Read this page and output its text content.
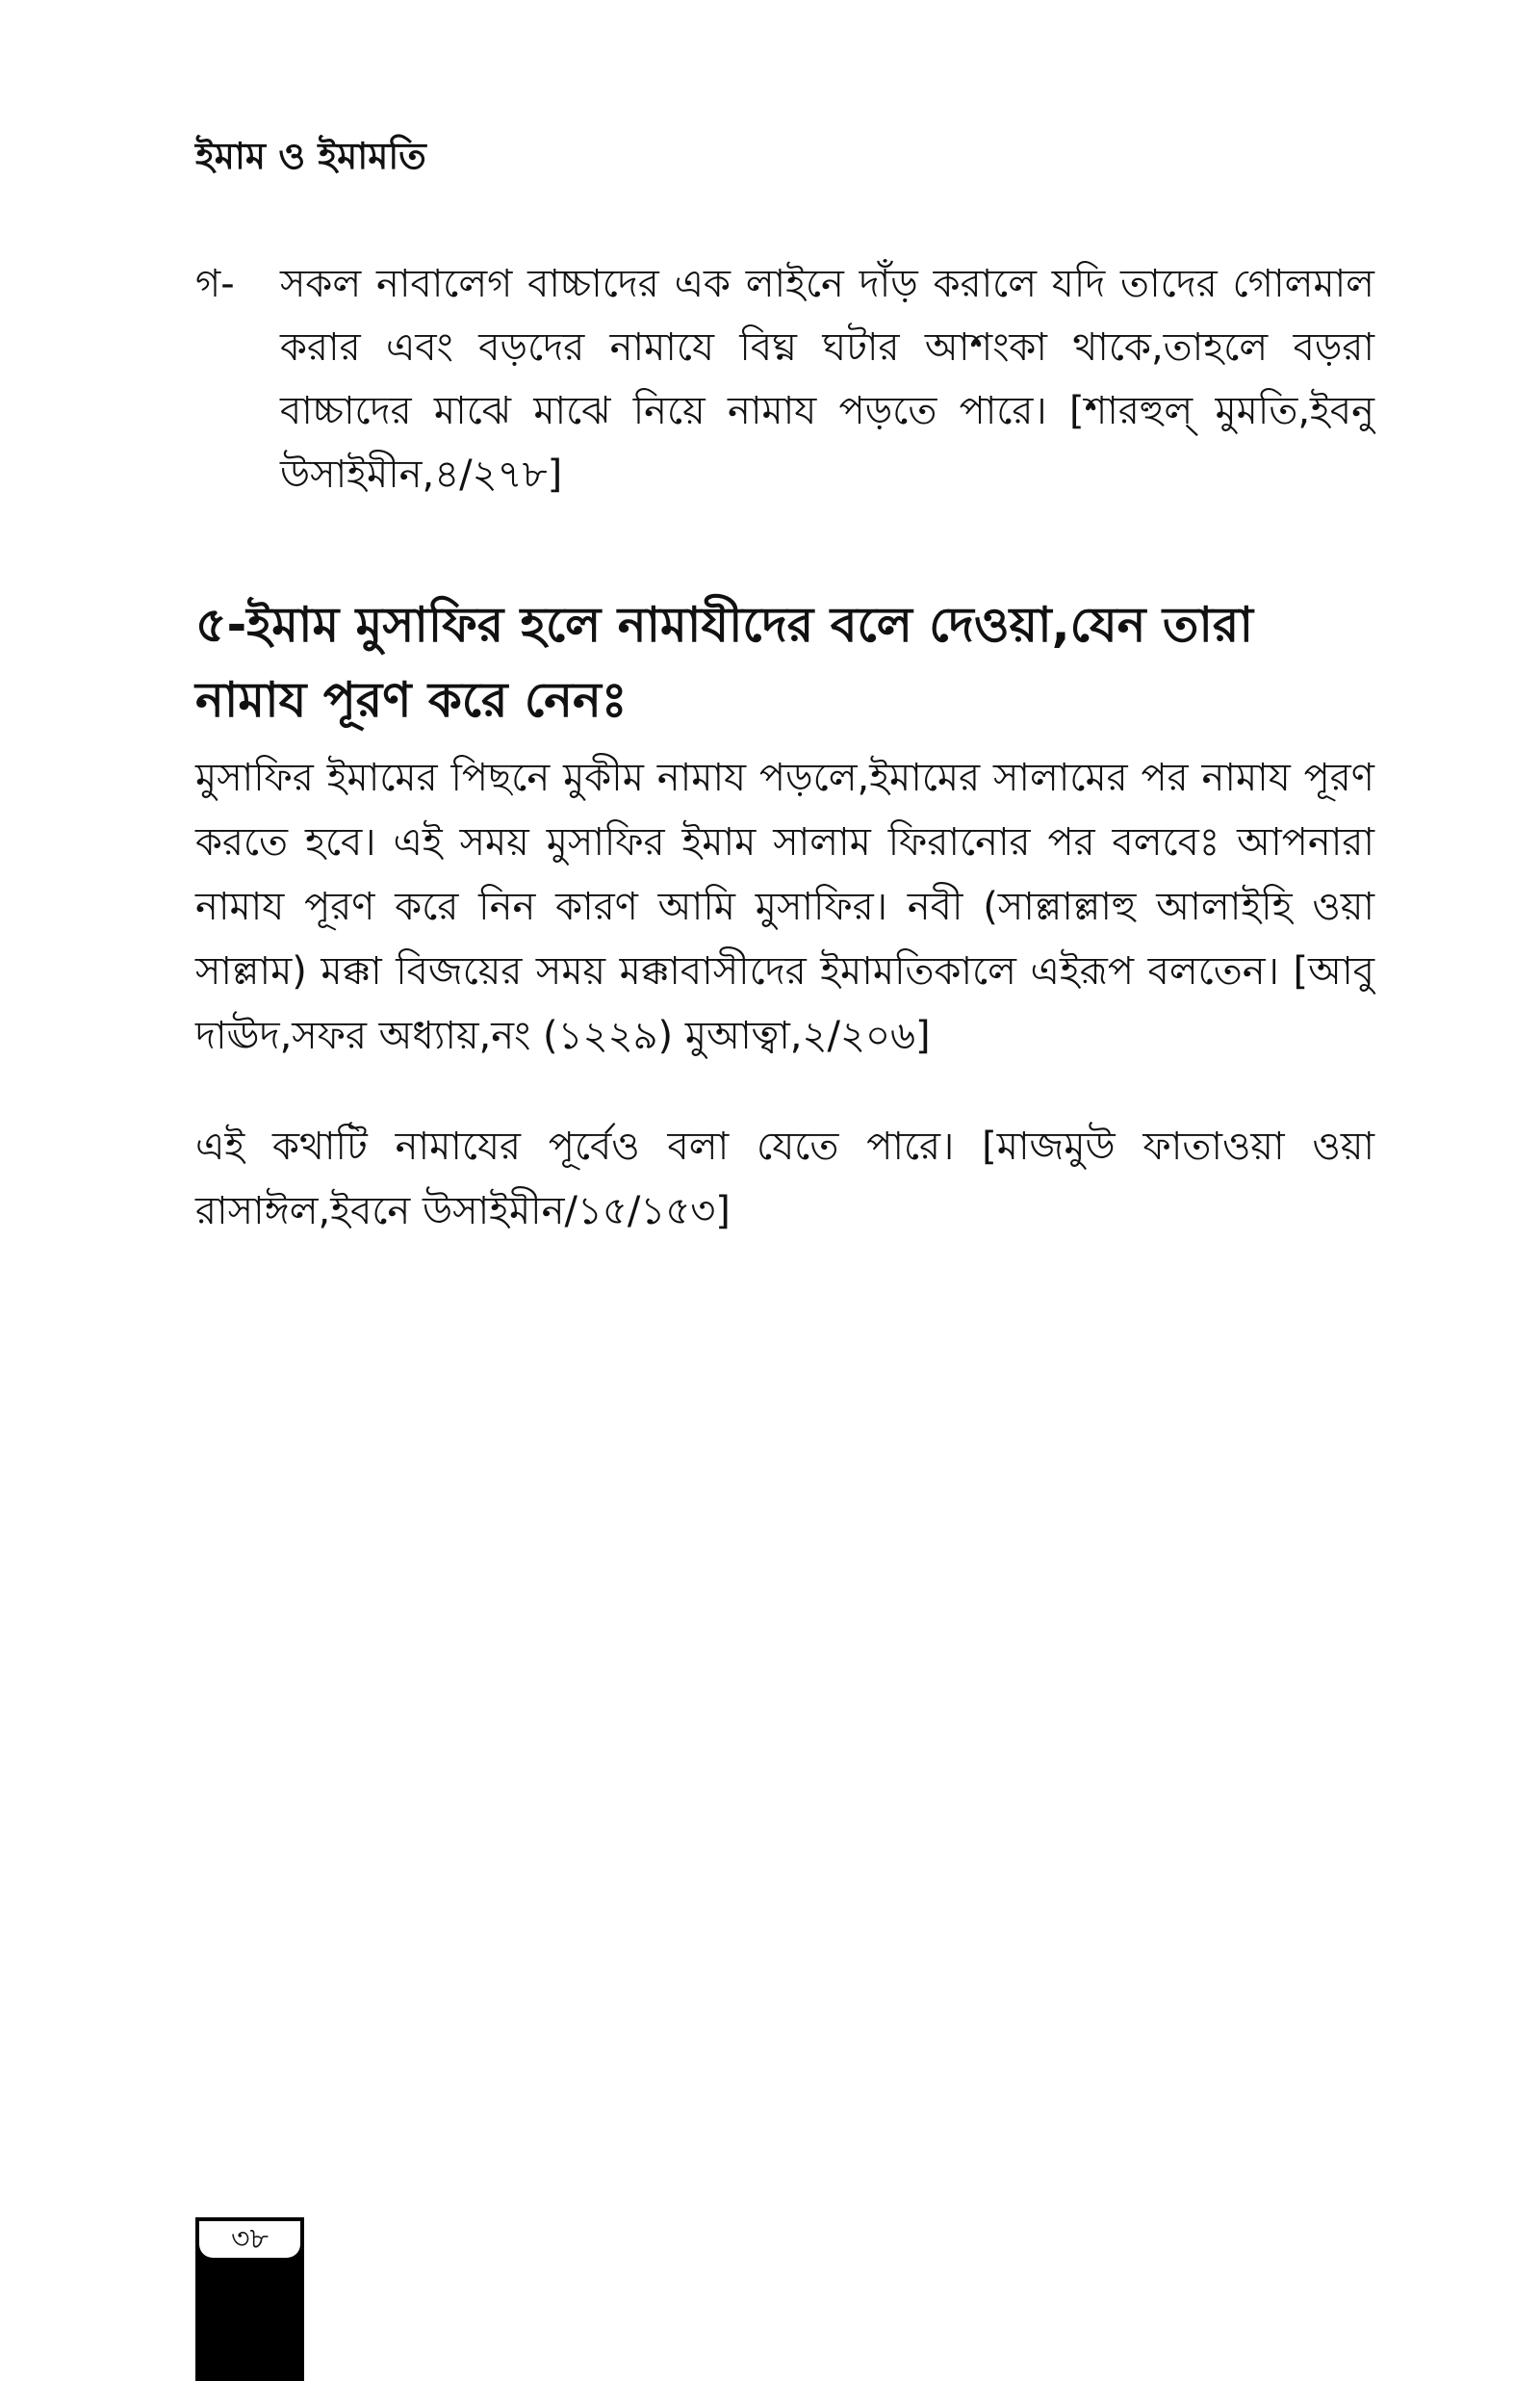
ইমাম ও ইমামতি
গ-	সকল নাবালেগ বাচ্চাদের এক লাইনে দাঁড় করালে যদি তাদের গোলমাল করার এবং বড়দের নামাযে বিঘ্ন ঘটার আশংকা থাকে,তাহলে বড়রা বাচ্চাদের মাঝে মাঝে নিয়ে নামায পড়তে পারে। [শারহুল্ মুমতি,ইবনু উসাইমীন,৪/২৭৮]
৫-ইমাম মুসাফির হলে নামাযীদের বলে দেওয়া,যেন তারা নামায পূরণ করে নেনঃ

মুসাফির ইমামের পিছনে মুকীম নামায পড়লে,ইমামের সালামের পর নামায পূরণ করতে হবে। এই সময় মুসাফির ইমাম সালাম ফিরানোর পর বলবেঃ আপনারা নামায পূরণ করে নিন কারণ আমি মুসাফির। নবী (সাল্লাল্লাহু আলাইহি ওয়া সাল্লাম) মক্কা বিজয়ের সময় মক্কাবাসীদের ইমামতিকালে এইরূপ বলতেন। [আবু দাঊদ,সফর অধ্যায়,নং (১২২৯) মুআত্বা,২/২০৬]

এই কথাটি নামাযের পূর্বেও বলা যেতে পারে। [মাজমুউ ফাতাওয়া ওয়া রাসাঈল,ইবনে উসাইমীন/১৫/১৫৩]

৩৮
